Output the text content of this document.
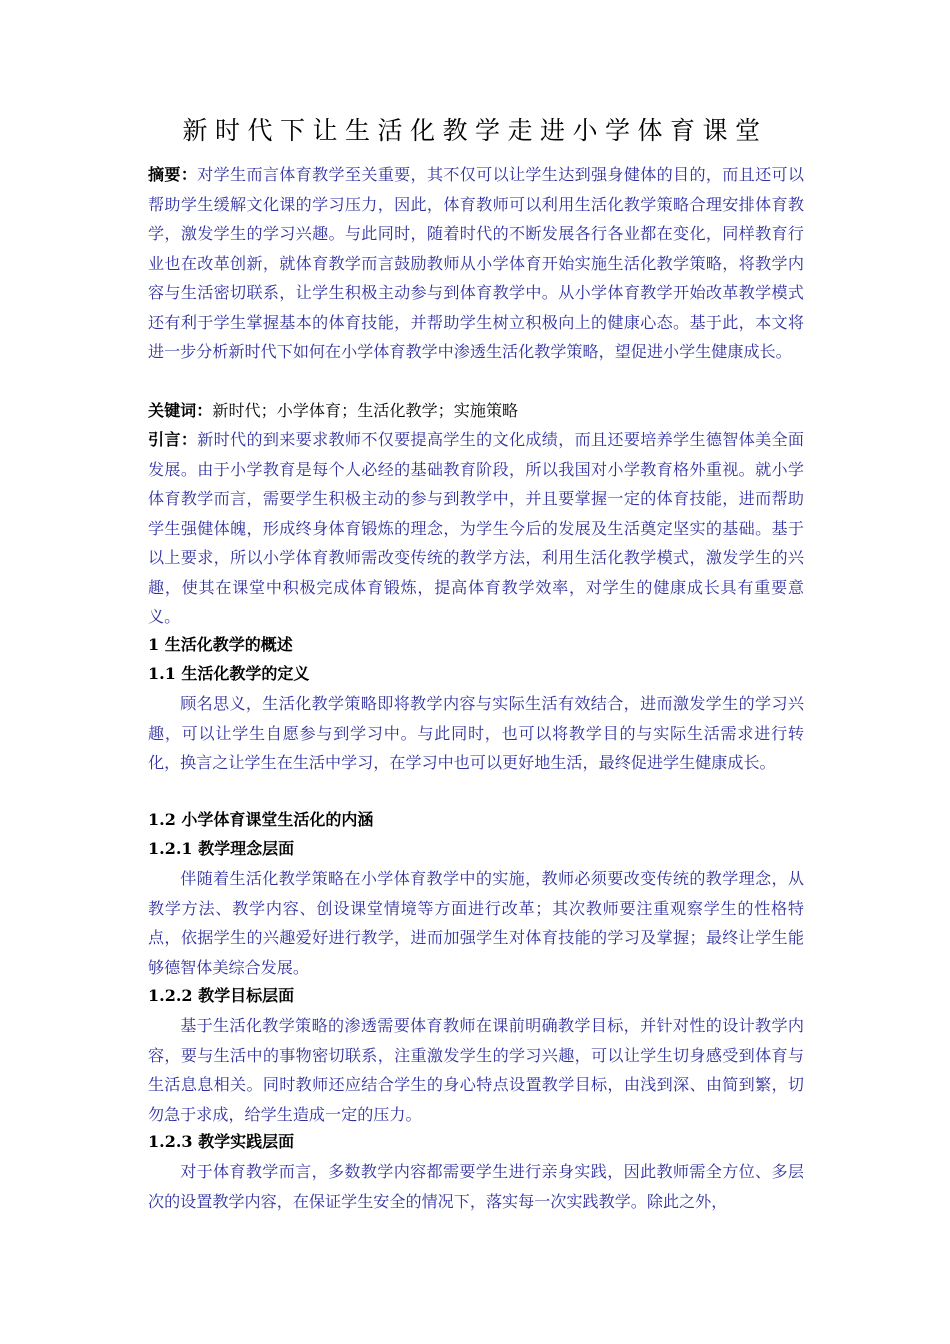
新时代下让生活化教学走进小学体育课堂
摘要：对学生而言体育教学至关重要，其不仅可以让学生达到强身健体的目的，而且还可以帮助学生缓解文化课的学习压力，因此，体育教师可以利用生活化教学策略合理安排体育教学，激发学生的学习兴趣。与此同时，随着时代的不断发展各行各业都在变化，同样教育行业也在改革创新，就体育教学而言鼓励教师从小学体育开始实施生活化教学策略，将教学内容与生活密切联系，让学生积极主动参与到体育教学中。从小学体育教学开始改革教学模式还有利于学生掌握基本的体育技能，并帮助学生树立积极向上的健康心态。基于此，本文将进一步分析新时代下如何在小学体育教学中渗透生活化教学策略，望促进小学生健康成长。
关键词：新时代；小学体育；生活化教学；实施策略
引言：新时代的到来要求教师不仅要提高学生的文化成绩，而且还要培养学生德智体美全面发展。由于小学教育是每个人必经的基础教育阶段，所以我国对小学教育格外重视。就小学体育教学而言，需要学生积极主动的参与到教学中，并且要掌握一定的体育技能，进而帮助学生强健体魄，形成终身体育锻炼的理念，为学生今后的发展及生活奠定坚实的基础。基于以上要求，所以小学体育教师需改变传统的教学方法，利用生活化教学模式，激发学生的兴趣，使其在课堂中积极完成体育锻炼，提高体育教学效率，对学生的健康成长具有重要意义。
1 生活化教学的概述
1.1 生活化教学的定义
顾名思义，生活化教学策略即将教学内容与实际生活有效结合，进而激发学生的学习兴趣，可以让学生自愿参与到学习中。与此同时，也可以将教学目的与实际生活需求进行转化，换言之让学生在生活中学习，在学习中也可以更好地生活，最终促进学生健康成长。
1.2 小学体育课堂生活化的内涵
1.2.1 教学理念层面
伴随着生活化教学策略在小学体育教学中的实施，教师必须要改变传统的教学理念，从教学方法、教学内容、创设课堂情境等方面进行改革；其次教师要注重观察学生的性格特点，依据学生的兴趣爱好进行教学，进而加强学生对体育技能的学习及掌握；最终让学生能够德智体美综合发展。
1.2.2 教学目标层面
基于生活化教学策略的渗透需要体育教师在课前明确教学目标，并针对性的设计教学内容，要与生活中的事物密切联系，注重激发学生的学习兴趣，可以让学生切身感受到体育与生活息息相关。同时教师还应结合学生的身心特点设置教学目标，由浅到深、由简到繁，切勿急于求成，给学生造成一定的压力。
1.2.3 教学实践层面
对于体育教学而言，多数教学内容都需要学生进行亲身实践，因此教师需全方位、多层次的设置教学内容，在保证学生安全的情况下，落实每一次实践教学。除此之外，
